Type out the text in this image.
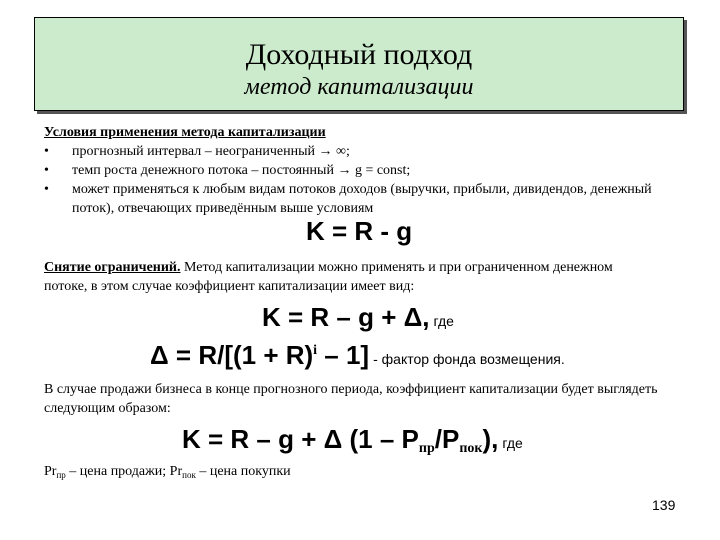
Доходный подход
метод капитализации
Условия применения метода капитализации
• прогнозный интервал – неограниченный → ∞;
• темп роста денежного потока – постоянный → g = const;
• может применяться к любым видам потоков доходов (выручки, прибыли, дивидендов, денежный поток), отвечающих приведённым выше условиям
K = R - g
Снятие ограничений. Метод капитализации можно применять и при ограниченном денежном потоке, в этом случае коэффициент капитализации имеет вид:
K = R – g + Δ, где
Δ = R/[(1 + R)i – 1] - фактор фонда возмещения.
В случае продажи бизнеса в конце прогнозного периода, коэффициент капитализации будет выглядеть следующим образом:
K = R – g + Δ (1 – Pпр/Pпок), где
$Pr_{пр}$ – цена продажи; $Pr_{пок}$ – цена покупки
139
